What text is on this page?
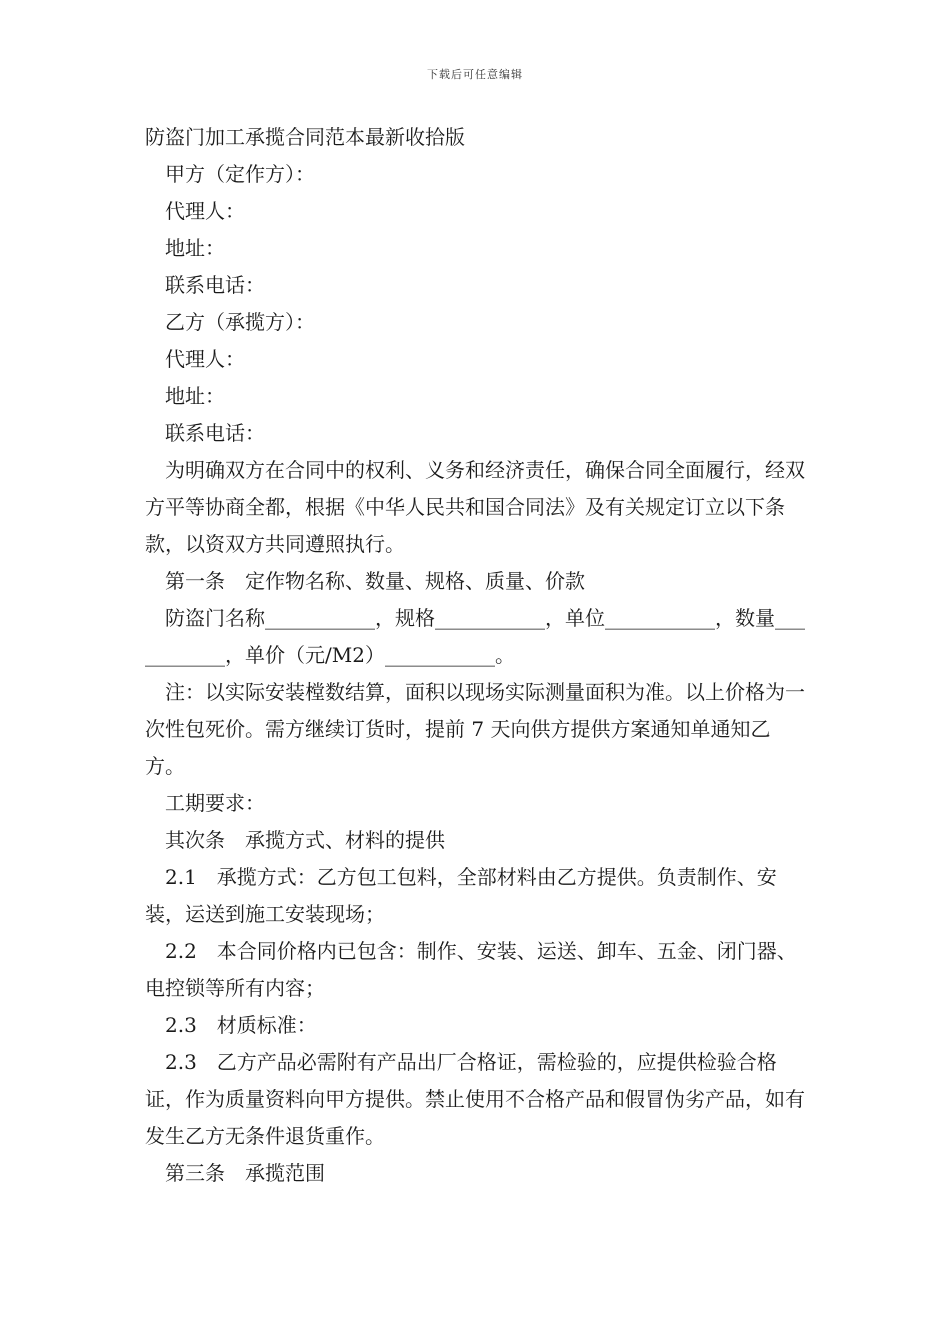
下载后可任意编辑

防盗门加工承揽合同范本最新收拾版

甲方（定作方）：

代理人：

地址：

联系电话：

乙方（承揽方）：

代理人：

地址：

联系电话：

为明确双方在合同中的权利、义务和经济责任，确保合同全面履行，经双方平等协商全都，根据《中华人民共和国合同法》及有关规定订立以下条款，以资双方共同遵照执行。

第一条　定作物名称、数量、规格、质量、价款

防盗门名称___________，规格___________，单位___________，数量___________，单价（元/M2）___________。

注：以实际安装樘数结算，面积以现场实际测量面积为准。以上价格为一次性包死价。需方继续订货时，提前 7 天向供方提供方案通知单通知乙方。

工期要求：

其次条　承揽方式、材料的提供

2.1　承揽方式：乙方包工包料，全部材料由乙方提供。负责制作、安装，运送到施工安装现场；

2.2　本合同价格内已包含：制作、安装、运送、卸车、五金、闭门器、电控锁等所有内容；

2.3　材质标准：

2.3　乙方产品必需附有产品出厂合格证，需检验的，应提供检验合格证，作为质量资料向甲方提供。禁止使用不合格产品和假冒伪劣产品，如有发生乙方无条件退货重作。

第三条　承揽范围
